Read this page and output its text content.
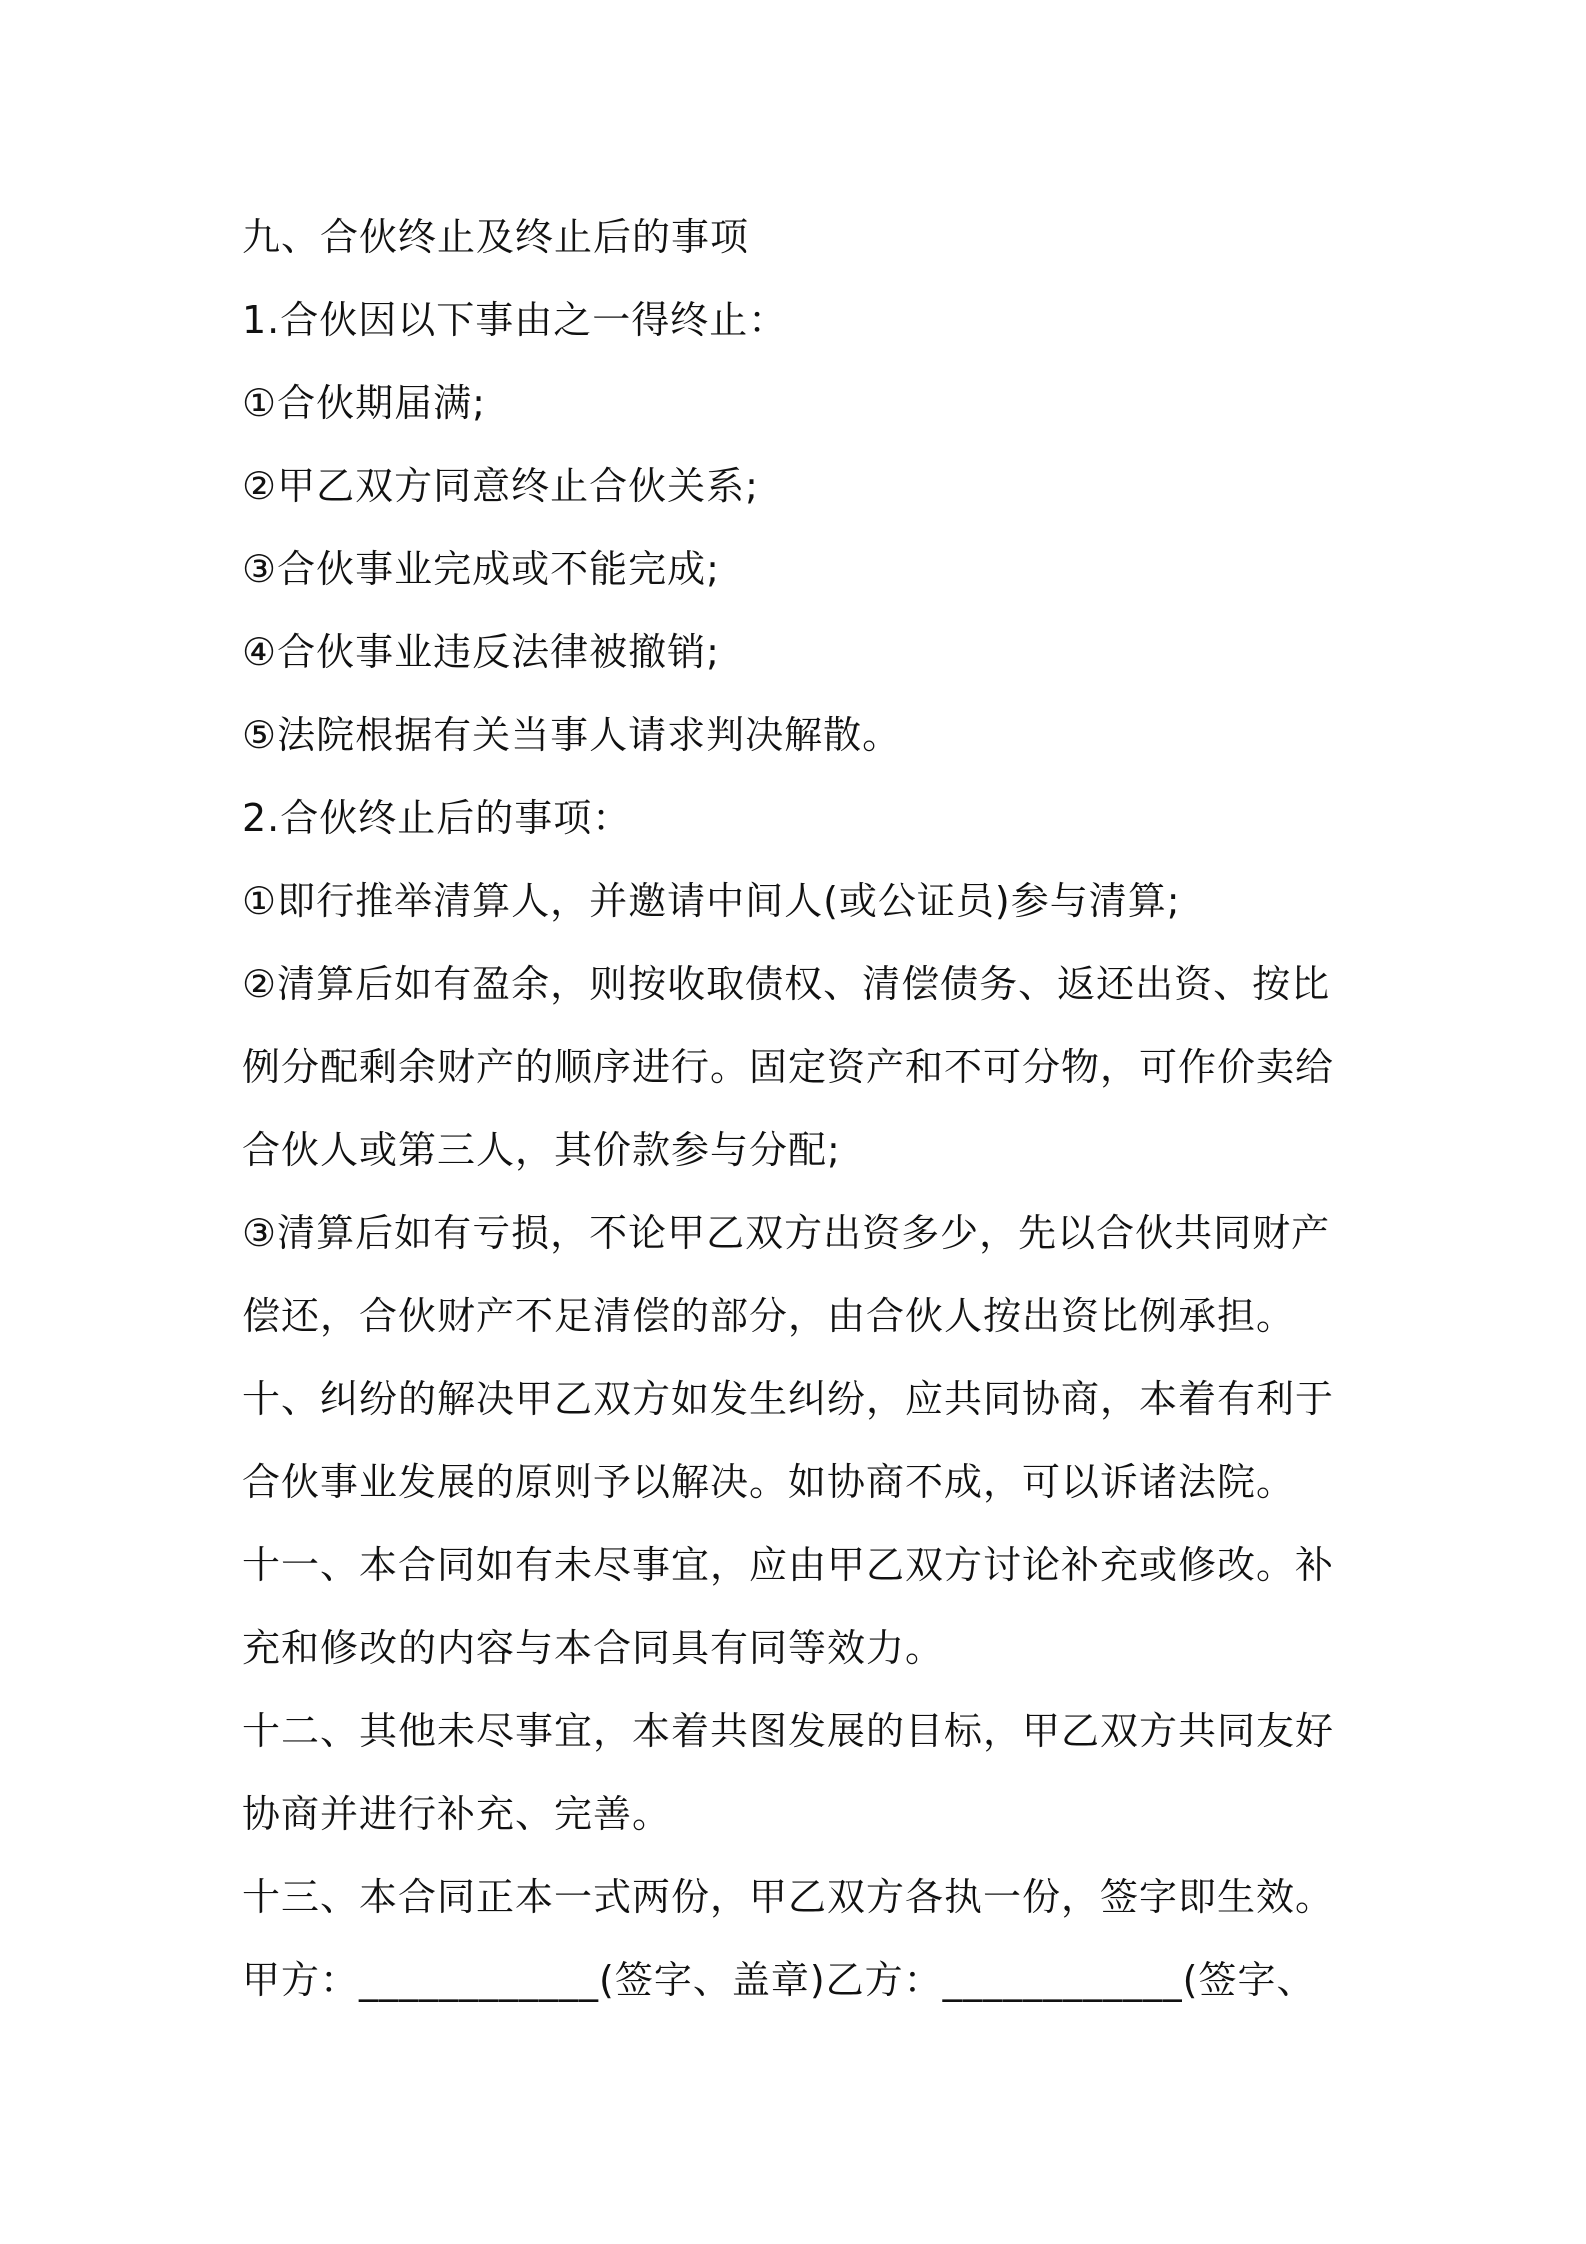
九、合伙终止及终止后的事项
1.合伙因以下事由之一得终止：
①合伙期届满;
②甲乙双方同意终止合伙关系;
③合伙事业完成或不能完成;
④合伙事业违反法律被撤销;
⑤法院根据有关当事人请求判决解散。
2.合伙终止后的事项：
①即行推举清算人，并邀请中间人(或公证员)参与清算;
②清算后如有盈余，则按收取债权、清偿债务、返还出资、按比
例分配剩余财产的顺序进行。固定资产和不可分物，可作价卖给
合伙人或第三人，其价款参与分配;
③清算后如有亏损，不论甲乙双方出资多少，先以合伙共同财产
偿还，合伙财产不足清偿的部分，由合伙人按出资比例承担。
十、纠纷的解决甲乙双方如发生纠纷，应共同协商，本着有利于
合伙事业发展的原则予以解决。如协商不成，可以诉诸法院。
十一、本合同如有未尽事宜，应由甲乙双方讨论补充或修改。补
充和修改的内容与本合同具有同等效力。
十二、其他未尽事宜，本着共图发展的目标，甲乙双方共同友好
协商并进行补充、完善。
十三、本合同正本一式两份，甲乙双方各执一份，签字即生效。
甲方：____________(签字、盖章)乙方：____________(签字、
